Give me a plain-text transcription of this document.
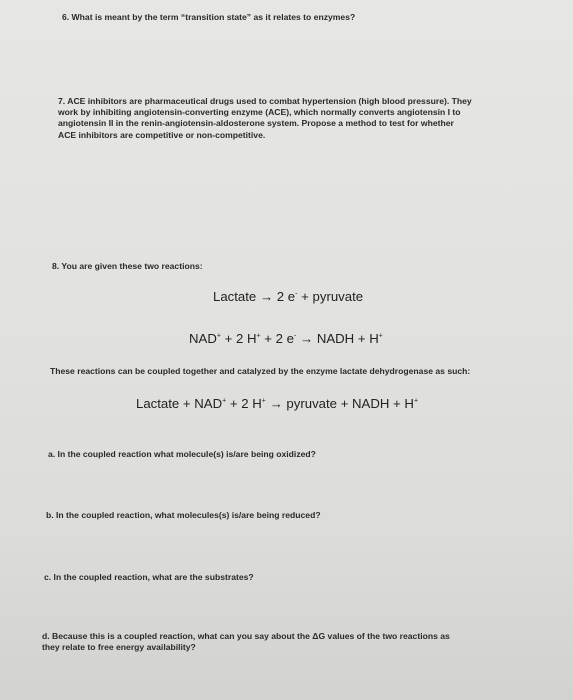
6. What is meant by the term “transition state” as it relates to enzymes?
7. ACE inhibitors are pharmaceutical drugs used to combat hypertension (high blood pressure). They
work by inhibiting angiotensin-converting enzyme (ACE), which normally converts angiotensin I to
angiotensin II in the renin-angiotensin-aldosterone system. Propose a method to test for whether
ACE inhibitors are competitive or non-competitive.
8. You are given these two reactions:
Lactate → 2 e- + pyruvate
NAD+ + 2 H+ + 2 e- → NADH + H+
These reactions can be coupled together and catalyzed by the enzyme lactate dehydrogenase as such:
Lactate + NAD+ + 2 H+ → pyruvate + NADH + H+
a. In the coupled reaction what molecule(s) is/are being oxidized?
b. In the coupled reaction, what molecules(s) is/are being reduced?
c. In the coupled reaction, what are the substrates?
d. Because this is a coupled reaction, what can you say about the ΔG values of the two reactions as
they relate to free energy availability?
